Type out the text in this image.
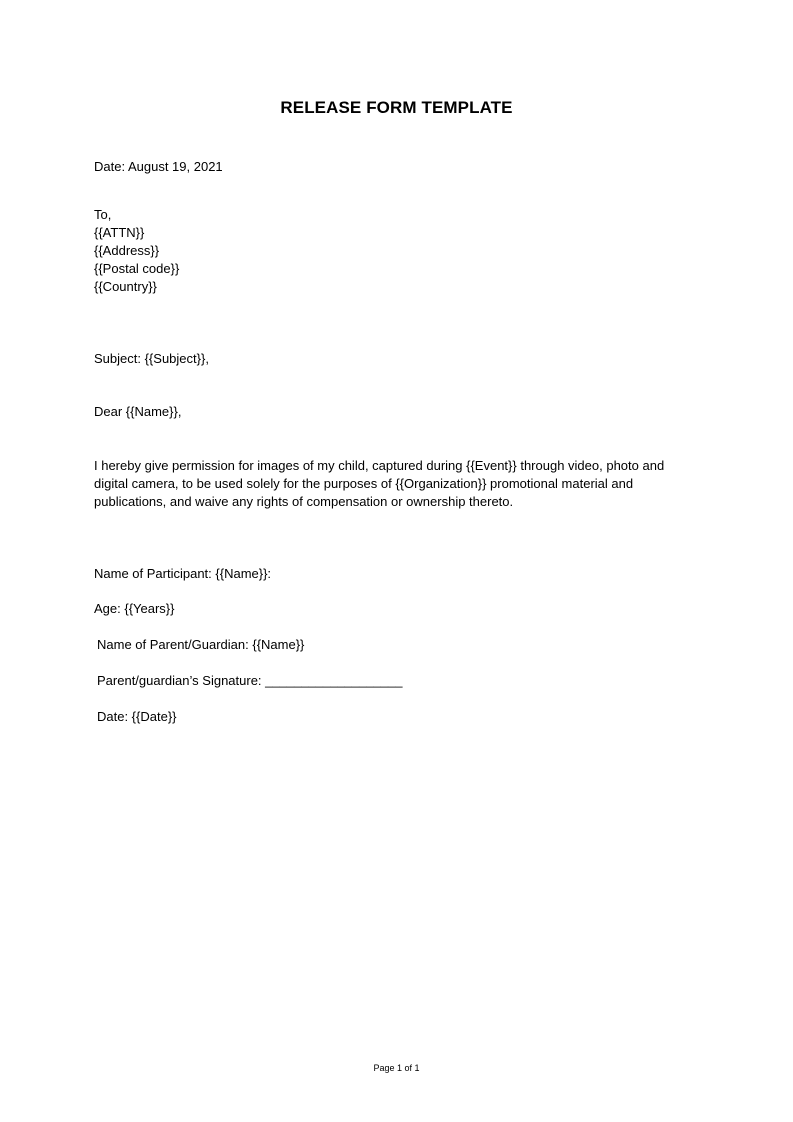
RELEASE FORM TEMPLATE
Date: August 19, 2021
To,
{{ATTN}}
{{Address}}
{{Postal code}}
{{Country}}
Subject: {{Subject}},
Dear {{Name}},
I hereby give permission for images of my child, captured during {{Event}} through video, photo and
digital camera, to be used solely for the purposes of {{Organization}} promotional material and
publications, and waive any rights of compensation or ownership thereto.
Name of Participant: {{Name}}:
Age: {{Years}}
Name of Parent/Guardian: {{Name}}
Parent/guardian’s Signature: ___________________
Date: {{Date}}
Page 1 of 1
